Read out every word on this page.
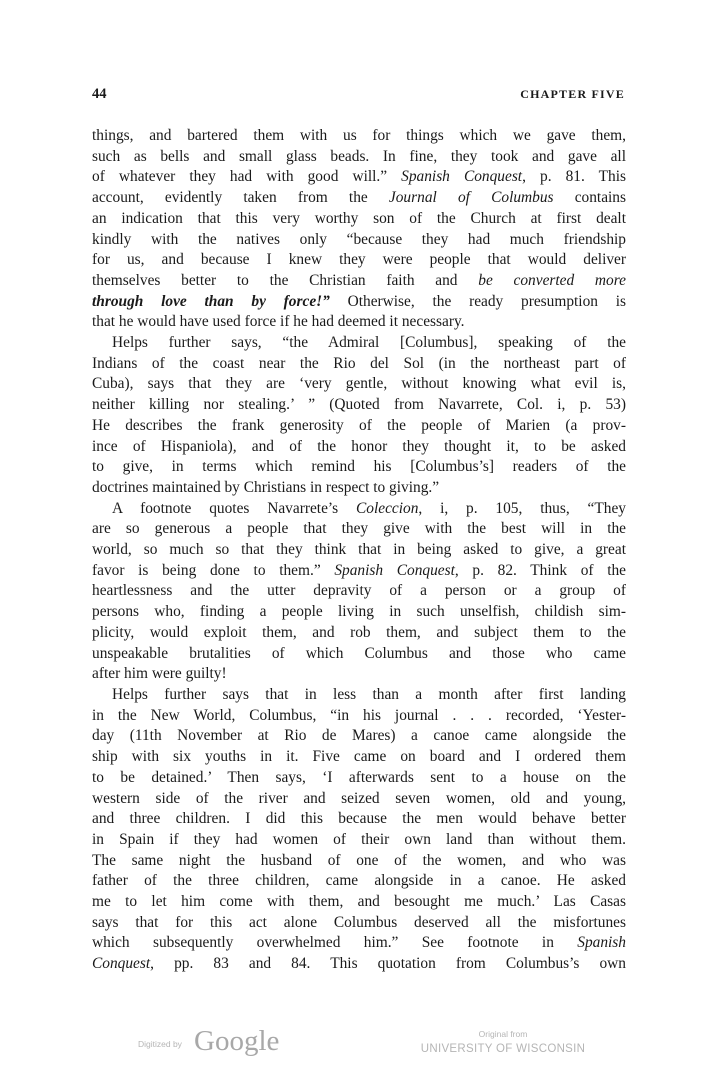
44	CHAPTER FIVE
things, and bartered them with us for things which we gave them,
such as bells and small glass beads. In fine, they took and gave all
of whatever they had with good will.” Spanish Conquest, p. 81. This
account, evidently taken from the Journal of Columbus contains
an indication that this very worthy son of the Church at first dealt
kindly with the natives only “because they had much friendship
for us, and because I knew they were people that would deliver
themselves better to the Christian faith and be converted more
through love than by force!” Otherwise, the ready presumption is
that he would have used force if he had deemed it necessary.
Helps further says, “the Admiral [Columbus], speaking of the
Indians of the coast near the Rio del Sol (in the northeast part of
Cuba), says that they are ‘very gentle, without knowing what evil is,
neither killing nor stealing.’ ” (Quoted from Navarrete, Col. i, p. 53)
He describes the frank generosity of the people of Marien (a prov-
ince of Hispaniola), and of the honor they thought it, to be asked
to give, in terms which remind his [Columbus’s] readers of the
doctrines maintained by Christians in respect to giving.”
A footnote quotes Navarrete’s Coleccion, i, p. 105, thus, “They
are so generous a people that they give with the best will in the
world, so much so that they think that in being asked to give, a great
favor is being done to them.” Spanish Conquest, p. 82. Think of the
heartlessness and the utter depravity of a person or a group of
persons who, finding a people living in such unselfish, childish sim-
plicity, would exploit them, and rob them, and subject them to the
unspeakable brutalities of which Columbus and those who came
after him were guilty!
Helps further says that in less than a month after first landing
in the New World, Columbus, “in his journal . . . recorded, ‘Yester-
day (11th November at Rio de Mares) a canoe came alongside the
ship with six youths in it. Five came on board and I ordered them
to be detained.’ Then says, ‘I afterwards sent to a house on the
western side of the river and seized seven women, old and young,
and three children. I did this because the men would behave better
in Spain if they had women of their own land than without them.
The same night the husband of one of the women, and who was
father of the three children, came alongside in a canoe. He asked
me to let him come with them, and besought me much.’ Las Casas
says that for this act alone Columbus deserved all the misfortunes
which subsequently overwhelmed him.” See footnote in Spanish
Conquest, pp. 83 and 84. This quotation from Columbus’s own
Digitized by Google	Original from
UNIVERSITY OF WISCONSIN
